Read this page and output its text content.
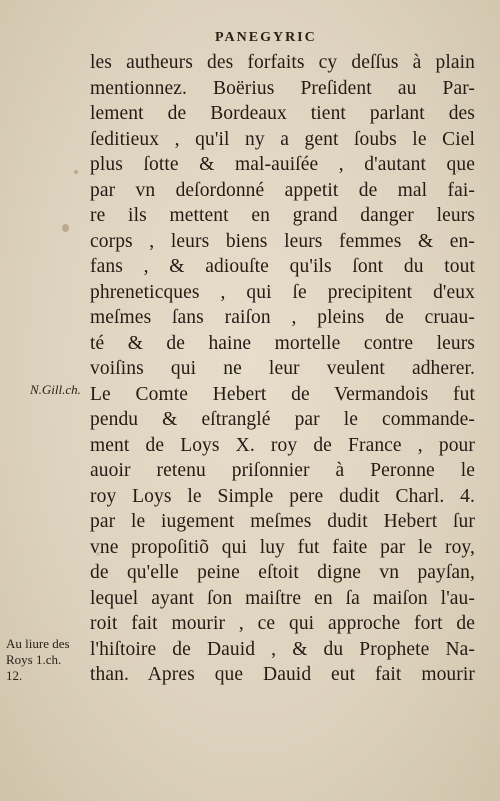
PANEGYRIC
les autheurs des forfaits cy deſſus à plain
mentionnez. Boërius Preſident au Par-
lement de Bordeaux tient parlant des
ſeditieux , qu'il ny a gent ſoubs le Ciel
plus ſotte & mal-auiſée , d'autant que
par vn deſordonné appetit de mal fai-
re ils mettent en grand danger leurs
corps , leurs biens leurs femmes & en-
fans , & adiouſte qu'ils ſont du tout
phreneticques , qui ſe precipitent d'eux
meſmes ſans raiſon , pleins de cruau-
té & de haine mortelle contre leurs
voiſins qui ne leur veulent adherer.
Le Comte Hebert de Vermandois fut
pendu & eſtranglé par le commande-
ment de Loys X. roy de France , pour
auoir retenu priſonnier à Peronne le
roy Loys le Simple pere dudit Charl. 4.
par le iugement meſmes dudit Hebert ſur
vne propoſitiõ qui luy fut faite par le roy,
de qu'elle peine eſtoit digne vn payſan,
lequel ayant ſon maiſtre en ſa maiſon l'au-
roit fait mourir , ce qui approche fort de
l'hiſtoire de Dauid , & du Prophete Na-
than. Apres que Dauid eut fait mourir
N.Gill.ch.
Au liure des
Roys 1.ch.
12.
